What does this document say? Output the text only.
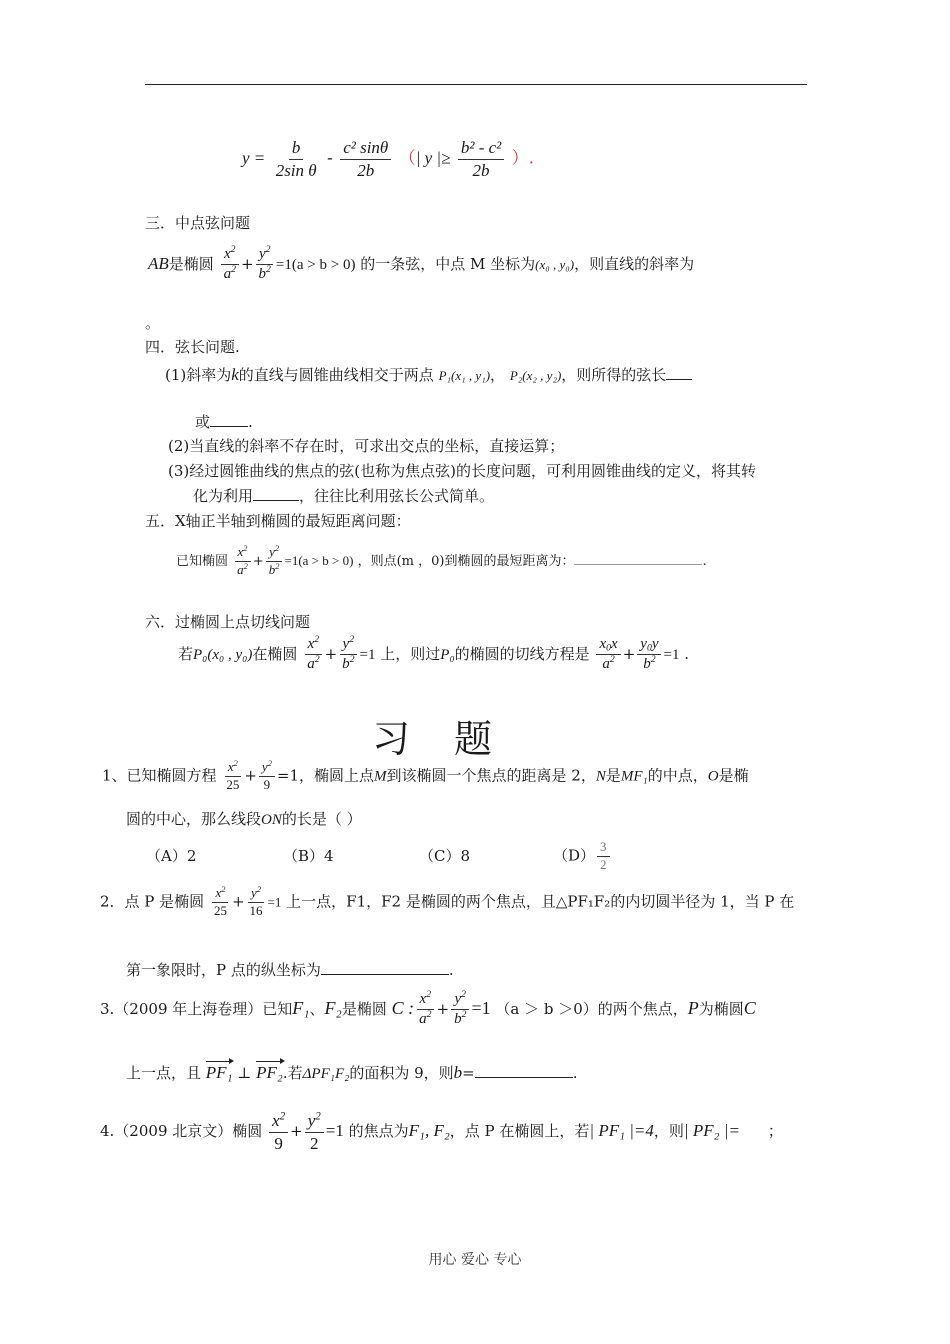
$y = \frac{b}{\text{2sin θ}} - \frac{\text{c² sinθ}}{2b}$ （| y |≥ $\frac{\text{b² - c²}}{2b}$ ）.
三．中点弦问题
AB是椭圆 $\frac{x^2}{a^2} + \frac{y^2}{b^2} =1(a > b > 0)$ 的一条弦，中点 M 坐标为(x₀ , y₀)，则直线的斜率为
。
四．弦长问题.
(1)斜率为k的直线与圆锥曲线相交于两点 P₁(x₁ , y₁)， P₂(x₂ , y₂)，则所得的弦长
或	.
(2)当直线的斜率不存在时，可求出交点的坐标，直接运算；
(3)经过圆锥曲线的焦点的弦(也称为焦点弦)的长度问题，可利用圆锥曲线的定义，将其转
化为利用	，往往比利用弦长公式简单。
五．X轴正半轴到椭圆的最短距离问题：
已知椭圆 $\frac{x^2}{a^2} + \frac{y^2}{b^2} =1(a > b > 0)$ ，则点(m ，0)到椭圆的最短距离为：	.
六．过椭圆上点切线问题
若P₀(x₀ , y₀)在椭圆 $\frac{x^2}{a^2} + \frac{y^2}{b^2} =1$ 上，则过P₀的椭圆的切线方程是 $\frac{x_0x}{a^2} + \frac{y_0y}{b^2} =1$ .
习题
1、已知椭圆方程 $\frac{x^2}{25} + \frac{y^2}{9} =1$，椭圆上点M到该椭圆一个焦点的距离是 2，N是MF₁的中点，O是椭
圆的中心，那么线段ON的长是（ ）
（A）2	（B）4	（C）8	$(D) \frac{3}{2}$
2．点 P 是椭圆 $\frac{x^2}{25} + \frac{y^2}{16} =1$ 上一点，F1，F2 是椭圆的两个焦点，且△PF₁F₂的内切圆半径为 1，当 P 在
第一象限时，P 点的纵坐标为	.
3.（2009 年上海卷理）已知F₁、F₂是椭圆 C : $\frac{x^2}{a^2} + \frac{y^2}{b^2} =1$ （a ＞ b ＞0）的两个焦点，P为椭圆C
上一点，且 PF₁ ⊥ PF₂.若ΔPF₁F₂的面积为 9，则b=	.
4.（2009 北京文）椭圆 $\frac{x^2}{9} + \frac{y^2}{2} =1$ 的焦点为F₁, F₂，点 P 在椭圆上，若| PF₁ |=4，则| PF₂ |= ；
用心 爱心 专心
